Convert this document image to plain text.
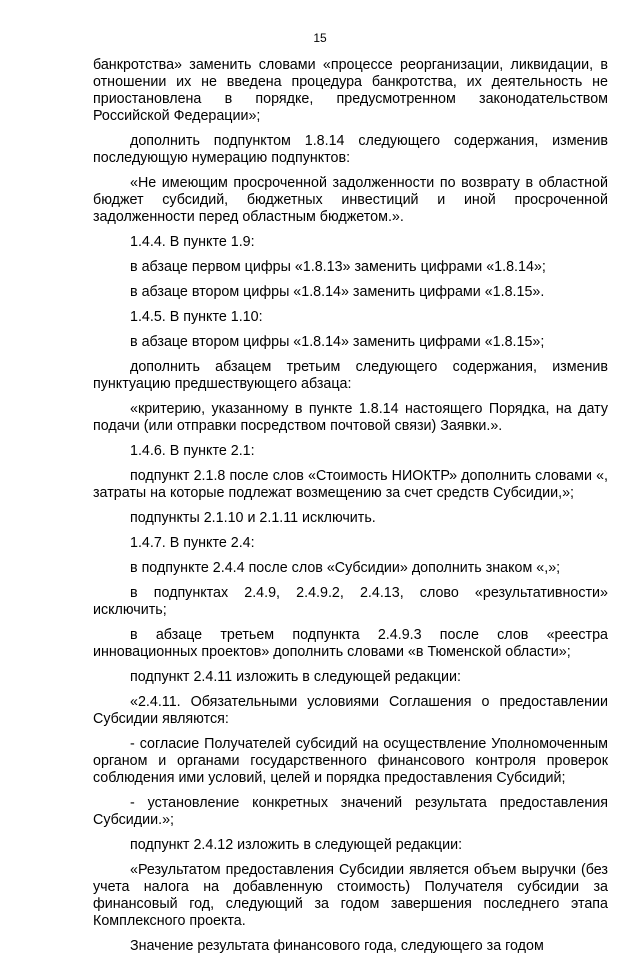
15

банкротства» заменить словами «процессе реорганизации, ликвидации, в отношении их не введена процедура банкротства, их деятельность не приостановлена в порядке, предусмотренном законодательством Российской Федерации»;

дополнить подпунктом 1.8.14 следующего содержания, изменив последующую нумерацию подпунктов:

«Не имеющим просроченной задолженности по возврату в областной бюджет субсидий, бюджетных инвестиций и иной просроченной задолженности перед областным бюджетом.».

1.4.4. В пункте 1.9:

в абзаце первом цифры «1.8.13» заменить цифрами «1.8.14»;

в абзаце втором цифры «1.8.14» заменить цифрами «1.8.15».

1.4.5. В пункте 1.10:

в абзаце втором цифры «1.8.14» заменить цифрами «1.8.15»;

дополнить абзацем третьим следующего содержания, изменив пунктуацию предшествующего абзаца:

«критерию, указанному в пункте 1.8.14 настоящего Порядка, на дату подачи (или отправки посредством почтовой связи) Заявки.».

1.4.6. В пункте 2.1:

подпункт 2.1.8 после слов «Стоимость НИОКТР» дополнить словами «, затраты на которые подлежат возмещению за счет средств Субсидии,»;

подпункты 2.1.10 и 2.1.11 исключить.

1.4.7. В пункте 2.4:

в подпункте 2.4.4 после слов «Субсидии» дополнить знаком «,»;

в подпунктах 2.4.9, 2.4.9.2, 2.4.13, слово «результативности» исключить;

в абзаце третьем подпункта 2.4.9.3 после слов «реестра инновационных проектов» дополнить словами «в Тюменской области»;

подпункт 2.4.11 изложить в следующей редакции:

«2.4.11. Обязательными условиями Соглашения о предоставлении Субсидии являются:

- согласие Получателей субсидий на осуществление Уполномоченным органом и органами государственного финансового контроля проверок соблюдения ими условий, целей и порядка предоставления Субсидий;

- установление конкретных значений результата предоставления Субсидии.»;

подпункт 2.4.12 изложить в следующей редакции:

«Результатом предоставления Субсидии является объем выручки (без учета налога на добавленную стоимость) Получателя субсидии за финансовый год, следующий за годом завершения последнего этапа Комплексного проекта.

Значение результата финансового года, следующего за годом
